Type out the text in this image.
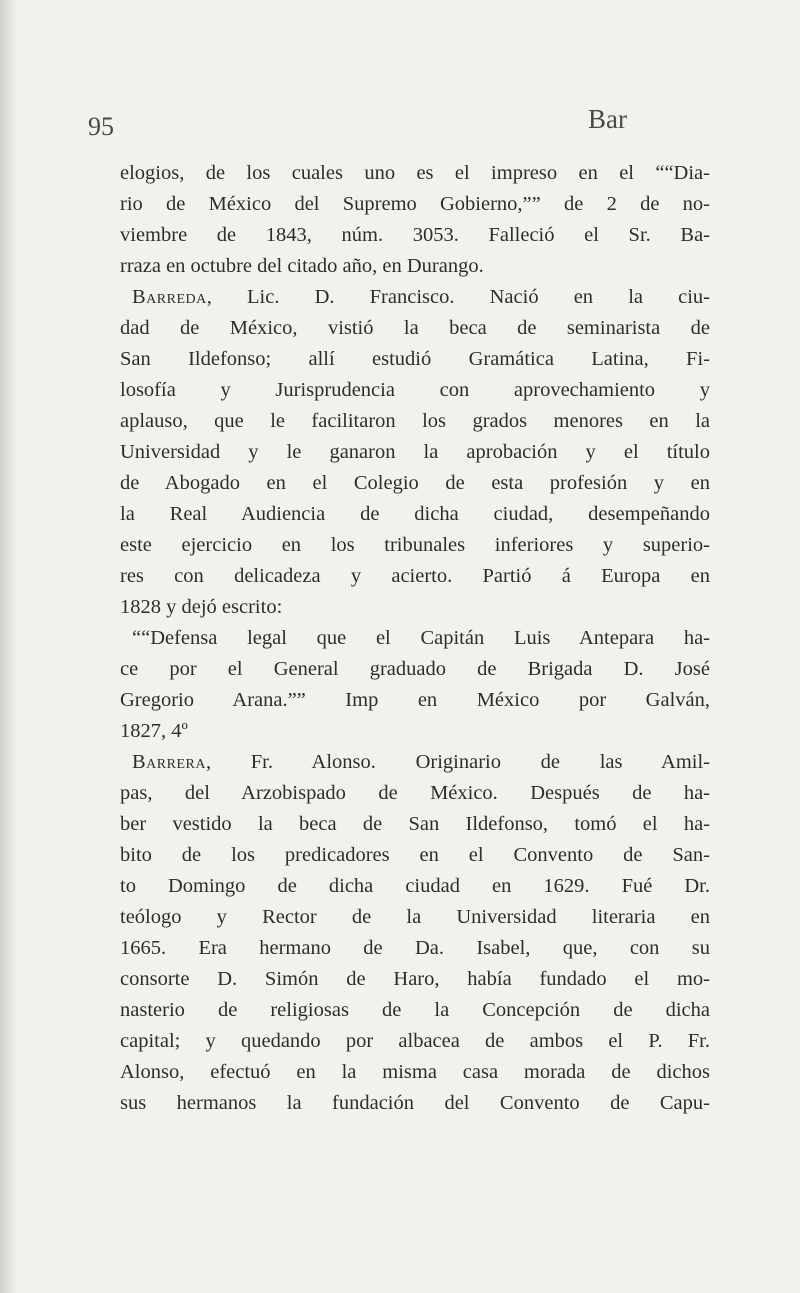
95	Bar
elogios, de los cuales uno es el impreso en el ““Dia-
rio de México del Supremo Gobierno,”” de 2 de no-
viembre de 1843, núm. 3053. Falleció el Sr. Ba-
rraza en octubre del citado año, en Durango.
Barreda, Lic. D. Francisco. Nació en la ciu-
dad de México, vistió la beca de seminarista de
San Ildefonso; allí estudió Gramática Latina, Fi-
losofía y Jurisprudencia con aprovechamiento y
aplauso, que le facilitaron los grados menores en la
Universidad y le ganaron la aprobación y el título
de Abogado en el Colegio de esta profesión y en
la Real Audiencia de dicha ciudad, desempeñando
este ejercicio en los tribunales inferiores y superio-
res con delicadeza y acierto. Partió á Europa en
1828 y dejó escrito:
““Defensa legal que el Capitán Luis Antepara ha-
ce por el General graduado de Brigada D. José
Gregorio Arana.”” Imp en México por Galván,
1827, 4º
Barrera, Fr. Alonso. Originario de las Amil-
pas, del Arzobispado de México. Después de ha-
ber vestido la beca de San Ildefonso, tomó el ha-
bito de los predicadores en el Convento de San-
to Domingo de dicha ciudad en 1629. Fué Dr.
teólogo y Rector de la Universidad literaria en
1665. Era hermano de Da. Isabel, que, con su
consorte D. Simón de Haro, había fundado el mo-
nasterio de religiosas de la Concepción de dicha
capital; y quedando por albacea de ambos el P. Fr.
Alonso, efectuó en la misma casa morada de dichos
sus hermanos la fundación del Convento de Capu-
